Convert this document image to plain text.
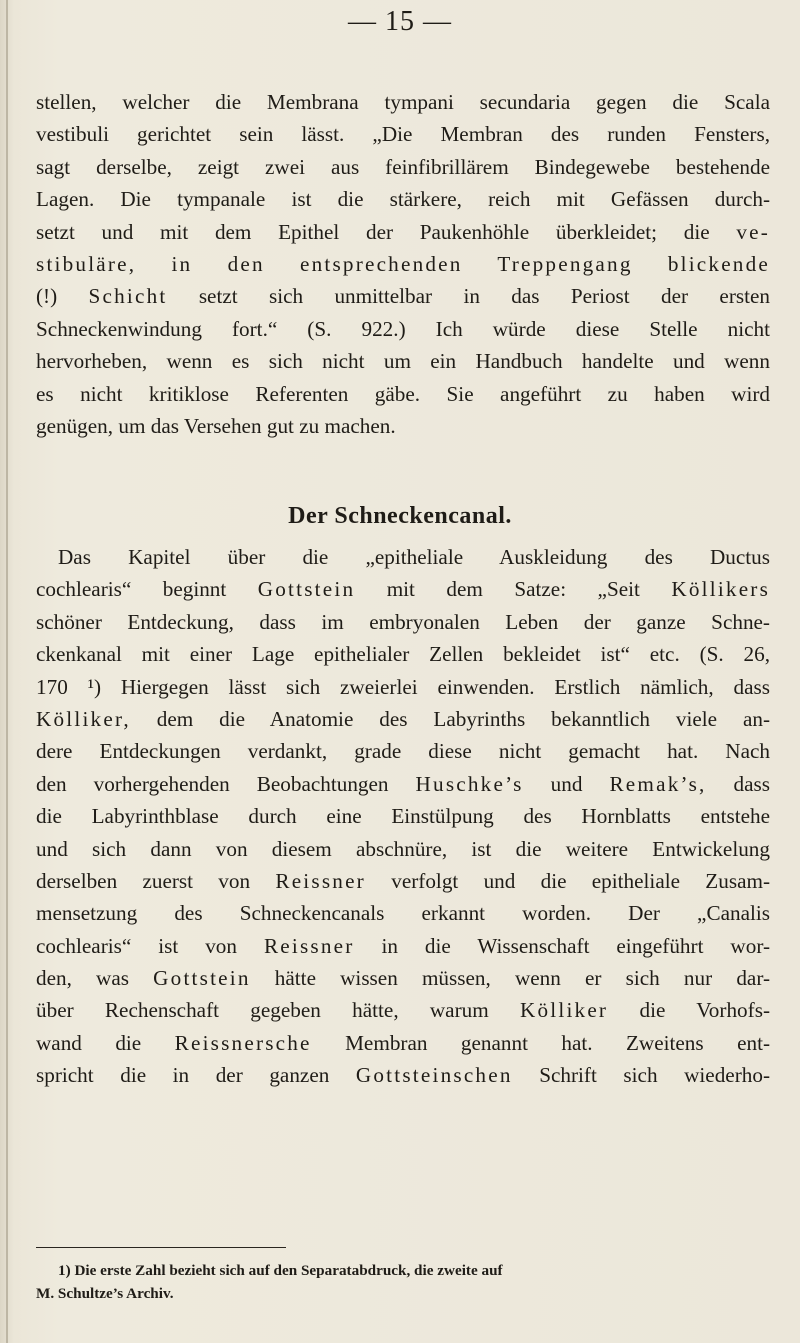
— 15 —
stellen, welcher die Membrana tympani secundaria gegen die Scala
vestibuli gerichtet sein lässt. „Die Membran des runden Fensters,
sagt derselbe, zeigt zwei aus feinfibrillärem Bindegewebe bestehende
Lagen. Die tympanale ist die stärkere, reich mit Gefässen durch-
setzt und mit dem Epithel der Paukenhöhle überkleidet; die ve-
stibuläre, in den entsprechenden Treppengang blickende
(!) Schicht setzt sich unmittelbar in das Periost der ersten
Schneckenwindung fort.“ (S. 922.) Ich würde diese Stelle nicht
hervorheben, wenn es sich nicht um ein Handbuch handelte und wenn
es nicht kritiklose Referenten gäbe. Sie angeführt zu haben wird
genügen, um das Versehen gut zu machen.
Der Schneckencanal.
Das Kapitel über die „epitheliale Auskleidung des Ductus
cochlearis“ beginnt Gottstein mit dem Satze: „Seit Köllikers
schöner Entdeckung, dass im embryonalen Leben der ganze Schne-
ckenkanal mit einer Lage epithelialer Zellen bekleidet ist“ etc. (S. 26,
170 ¹) Hiergegen lässt sich zweierlei einwenden. Erstlich nämlich, dass
Kölliker, dem die Anatomie des Labyrinths bekanntlich viele an-
dere Entdeckungen verdankt, grade diese nicht gemacht hat. Nach
den vorhergehenden Beobachtungen Huschke’s und Remak’s, dass
die Labyrinthblase durch eine Einstülpung des Hornblatts entstehe
und sich dann von diesem abschnüre, ist die weitere Entwickelung
derselben zuerst von Reissner verfolgt und die epitheliale Zusam-
mensetzung des Schneckencanals erkannt worden. Der „Canalis
cochlearis“ ist von Reissner in die Wissenschaft eingeführt wor-
den, was Gottstein hätte wissen müssen, wenn er sich nur dar-
über Rechenschaft gegeben hätte, warum Kölliker die Vorhofs-
wand die Reissnersche Membran genannt hat. Zweitens ent-
spricht die in der ganzen Gottsteinschen Schrift sich wiederho-
1) Die erste Zahl bezieht sich auf den Separatabdruck, die zweite auf
M. Schultze’s Archiv.
